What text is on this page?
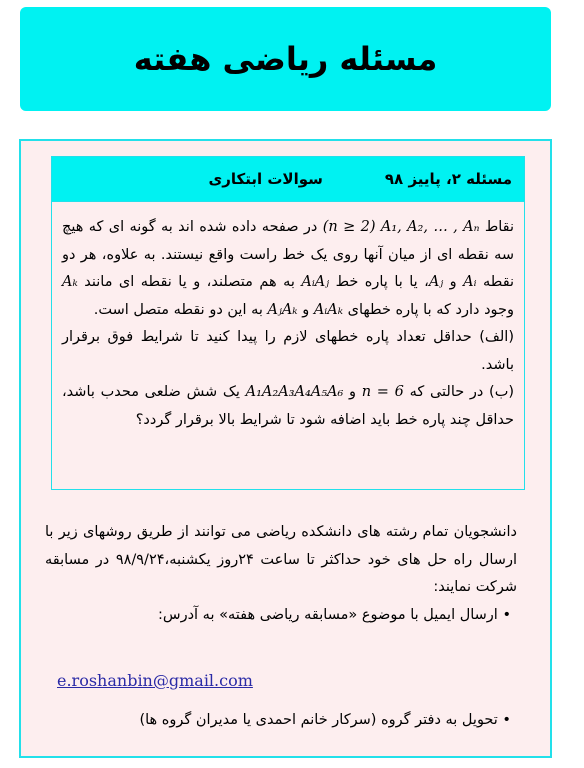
مسئله ریاضی هفته
مسئله ۲، پاییز ۹۸
سوالات ابتکاری

نقاط A₁, A₂, … , Aₙ (n ≥ 2) در صفحه داده شده اند به گونه ای که هیچ سه نقطه ای از میان آنها روی یک خط راست واقع نیستند. به علاوه، هر دو نقطه Aᵢ و Aⱼ، یا با پاره خط AᵢAⱼ به هم متصلند، و یا نقطه ای مانند Aₖ وجود دارد که با پاره خطهای AᵢAₖ و AⱼAₖ به این دو نقطه متصل است.

(الف) حداقل تعداد پاره خطهای لازم را پیدا کنید تا شرایط فوق برقرار باشد.

(ب) در حالتی که n = 6 و A₁A₂A₃A₄A₅A₆ یک شش ضلعی محدب باشد، حداقل چند پاره خط باید اضافه شود تا شرایط بالا برقرار گردد؟

دانشجویان تمام رشته های دانشکده ریاضی می توانند از طریق روشهای زیر با ارسال راه حل های خود حداکثر تا ساعت ۲۴روز یکشنبه،۹۸/۹/۲۴ در مسابقه شرکت نمایند:

• ارسال ایمیل با موضوع «مسابقه ریاضی هفته» به آدرس:

e.roshanbin@gmail.com
• تحویل به دفتر گروه (سرکار خانم احمدی یا مدیران گروه ها)
